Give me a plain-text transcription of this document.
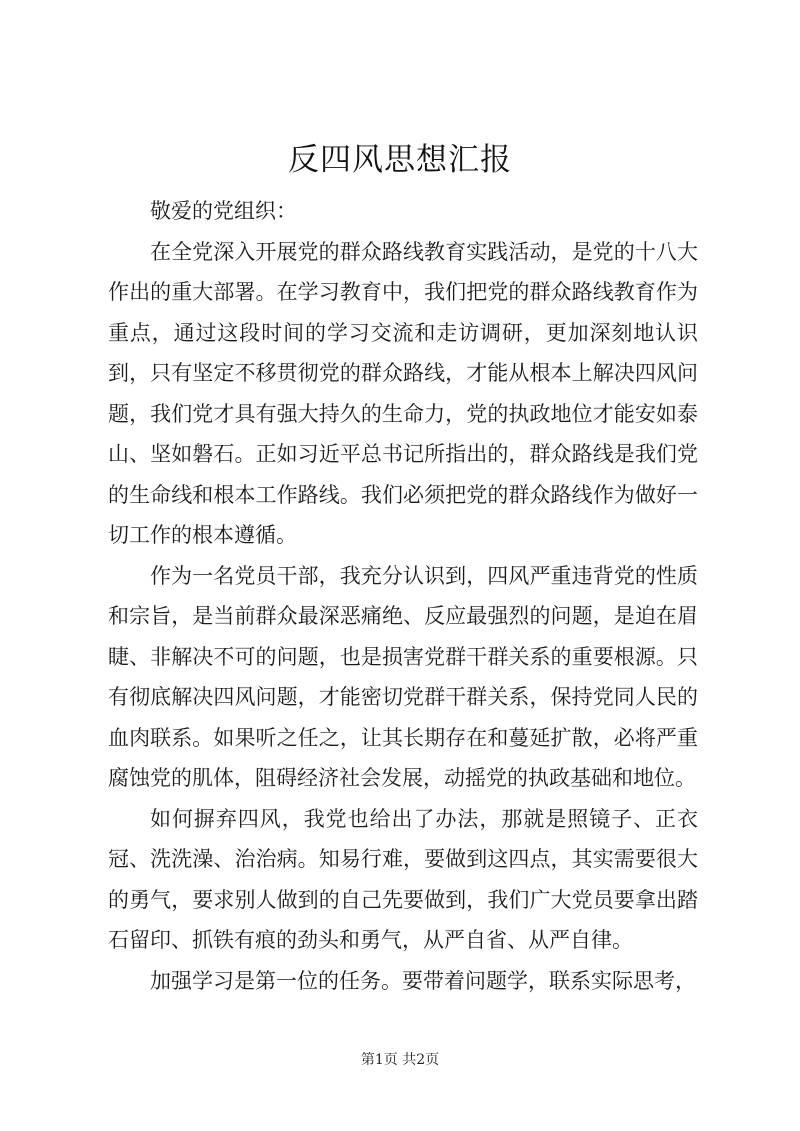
反四风思想汇报

敬爱的党组织：

在全党深入开展党的群众路线教育实践活动，是党的十八大作出的重大部署。在学习教育中，我们把党的群众路线教育作为重点，通过这段时间的学习交流和走访调研，更加深刻地认识到，只有坚定不移贯彻党的群众路线，才能从根本上解决四风问题，我们党才具有强大持久的生命力，党的执政地位才能安如泰山、坚如磐石。正如习近平总书记所指出的，群众路线是我们党的生命线和根本工作路线。我们必须把党的群众路线作为做好一切工作的根本遵循。

作为一名党员干部，我充分认识到，四风严重违背党的性质和宗旨，是当前群众最深恶痛绝、反应最强烈的问题，是迫在眉睫、非解决不可的问题，也是损害党群干群关系的重要根源。只有彻底解决四风问题，才能密切党群干群关系，保持党同人民的血肉联系。如果听之任之，让其长期存在和蔓延扩散，必将严重腐蚀党的肌体，阻碍经济社会发展，动摇党的执政基础和地位。

如何摒弃四风，我党也给出了办法，那就是照镜子、正衣冠、洗洗澡、治治病。知易行难，要做到这四点，其实需要很大的勇气，要求别人做到的自己先要做到，我们广大党员要拿出踏石留印、抓铁有痕的劲头和勇气，从严自省、从严自律。

加强学习是第一位的任务。要带着问题学，联系实际思考，

第1页 共2页
